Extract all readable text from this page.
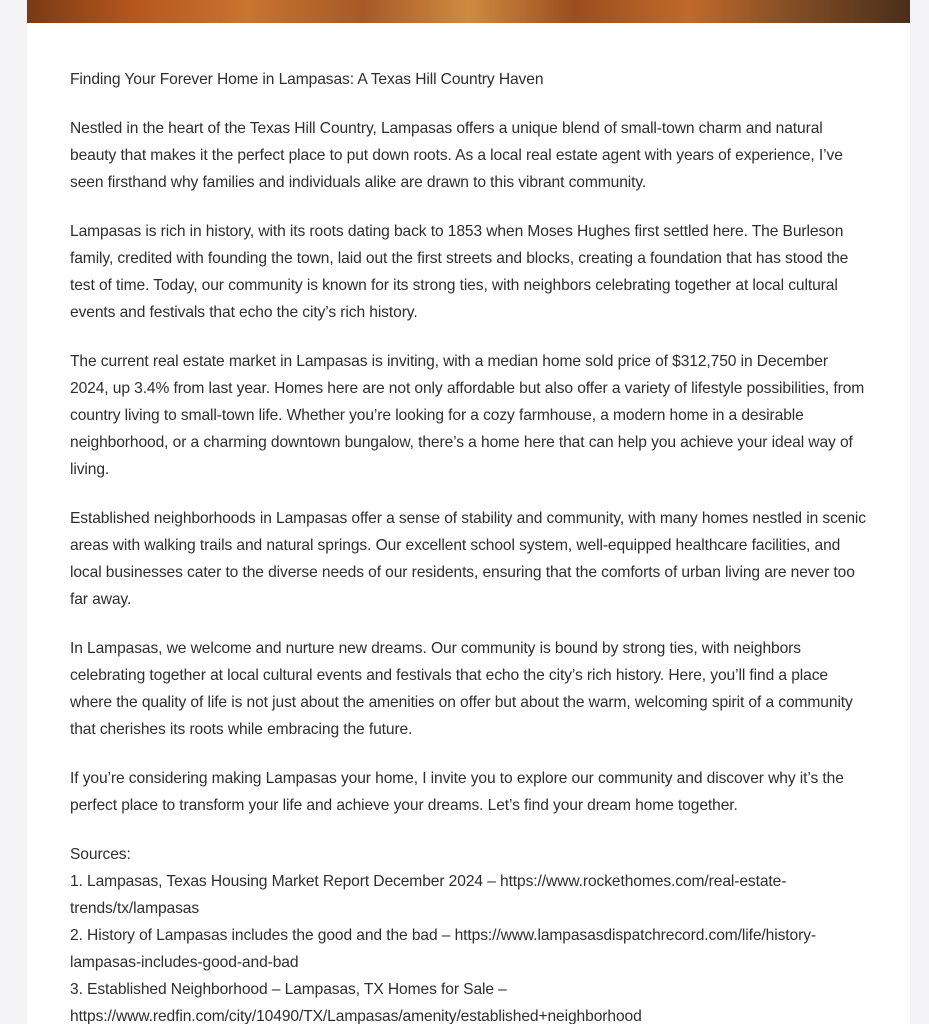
Finding Your Forever Home in Lampasas: A Texas Hill Country Haven

Nestled in the heart of the Texas Hill Country, Lampasas offers a unique blend of small-town charm and natural beauty that makes it the perfect place to put down roots. As a local real estate agent with years of experience, I’ve seen firsthand why families and individuals alike are drawn to this vibrant community.

Lampasas is rich in history, with its roots dating back to 1853 when Moses Hughes first settled here. The Burleson family, credited with founding the town, laid out the first streets and blocks, creating a foundation that has stood the test of time. Today, our community is known for its strong ties, with neighbors celebrating together at local cultural events and festivals that echo the city’s rich history.

The current real estate market in Lampasas is inviting, with a median home sold price of $312,750 in December 2024, up 3.4% from last year. Homes here are not only affordable but also offer a variety of lifestyle possibilities, from country living to small-town life. Whether you’re looking for a cozy farmhouse, a modern home in a desirable neighborhood, or a charming downtown bungalow, there’s a home here that can help you achieve your ideal way of living.

Established neighborhoods in Lampasas offer a sense of stability and community, with many homes nestled in scenic areas with walking trails and natural springs. Our excellent school system, well-equipped healthcare facilities, and local businesses cater to the diverse needs of our residents, ensuring that the comforts of urban living are never too far away.

In Lampasas, we welcome and nurture new dreams. Our community is bound by strong ties, with neighbors celebrating together at local cultural events and festivals that echo the city’s rich history. Here, you’ll find a place where the quality of life is not just about the amenities on offer but about the warm, welcoming spirit of a community that cherishes its roots while embracing the future.

If you’re considering making Lampasas your home, I invite you to explore our community and discover why it’s the perfect place to transform your life and achieve your dreams. Let’s find your dream home together.

Sources:
1. Lampasas, Texas Housing Market Report December 2024 – https://www.rockethomes.com/real-estate-trends/tx/lampasas
2. History of Lampasas includes the good and the bad – https://www.lampasasdispatchrecord.com/life/history-lampasas-includes-good-and-bad
3. Established Neighborhood – Lampasas, TX Homes for Sale – https://www.redfin.com/city/10490/TX/Lampasas/amenity/established+neighborhood
